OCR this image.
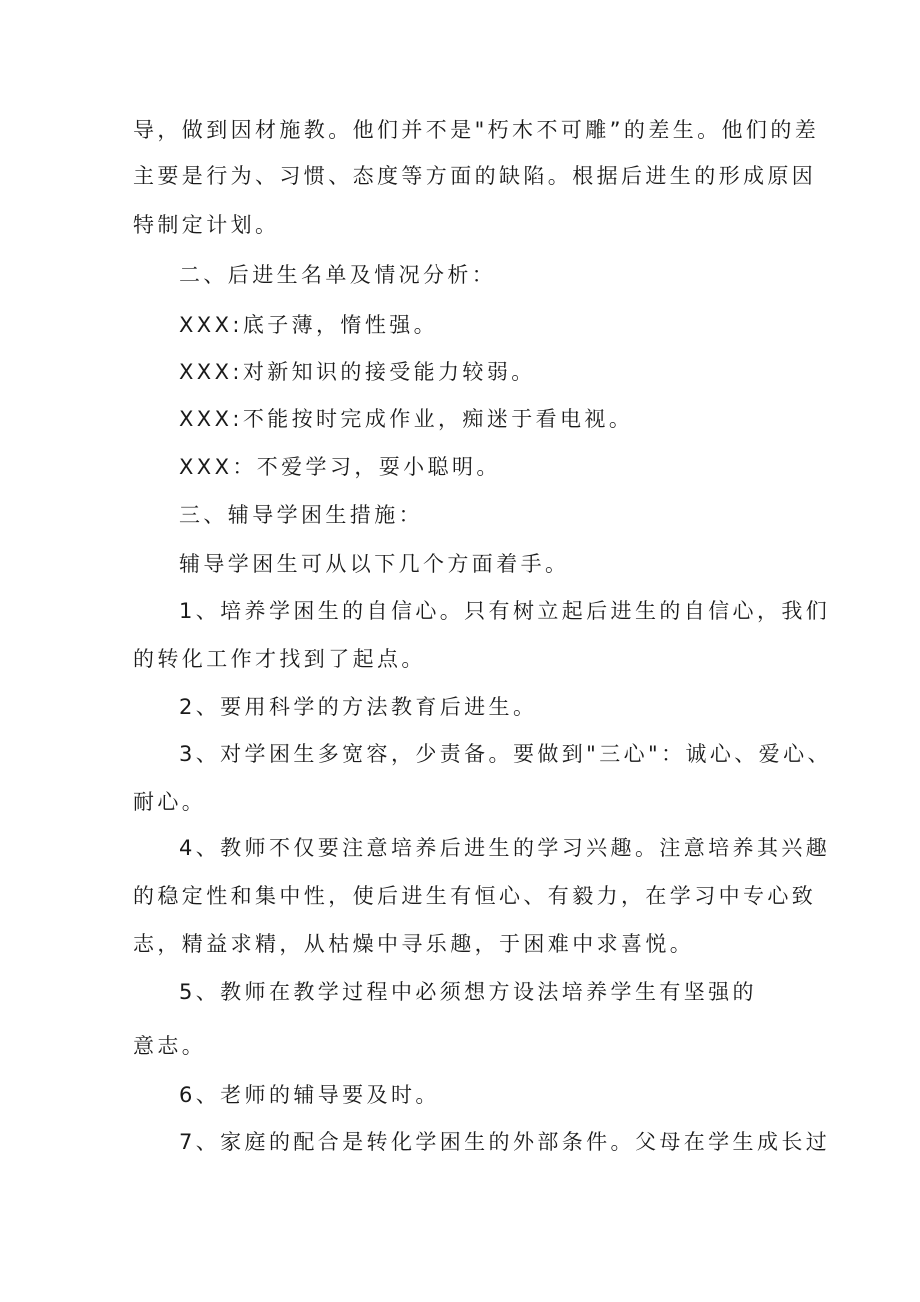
导，做到因材施教。他们并不是"朽木不可雕”的差生。他们的差
主要是行为、习惯、态度等方面的缺陷。根据后进生的形成原因
特制定计划。
二、后进生名单及情况分析：
XXX:底子薄，惰性强。
XXX:对新知识的接受能力较弱。
XXX:不能按时完成作业，痴迷于看电视。
XXX：不爱学习，耍小聪明。
三、辅导学困生措施：
辅导学困生可从以下几个方面着手。
1、培养学困生的自信心。只有树立起后进生的自信心，我们
的转化工作才找到了起点。
2、要用科学的方法教育后进生。
3、对学困生多宽容，少责备。要做到"三心"：诚心、爱心、
耐心。
4、教师不仅要注意培养后进生的学习兴趣。注意培养其兴趣
的稳定性和集中性，使后进生有恒心、有毅力，在学习中专心致
志，精益求精，从枯燥中寻乐趣，于困难中求喜悦。
5、教师在教学过程中必须想方设法培养学生有坚强的
意志。
6、老师的辅导要及时。
7、家庭的配合是转化学困生的外部条件。父母在学生成长过
